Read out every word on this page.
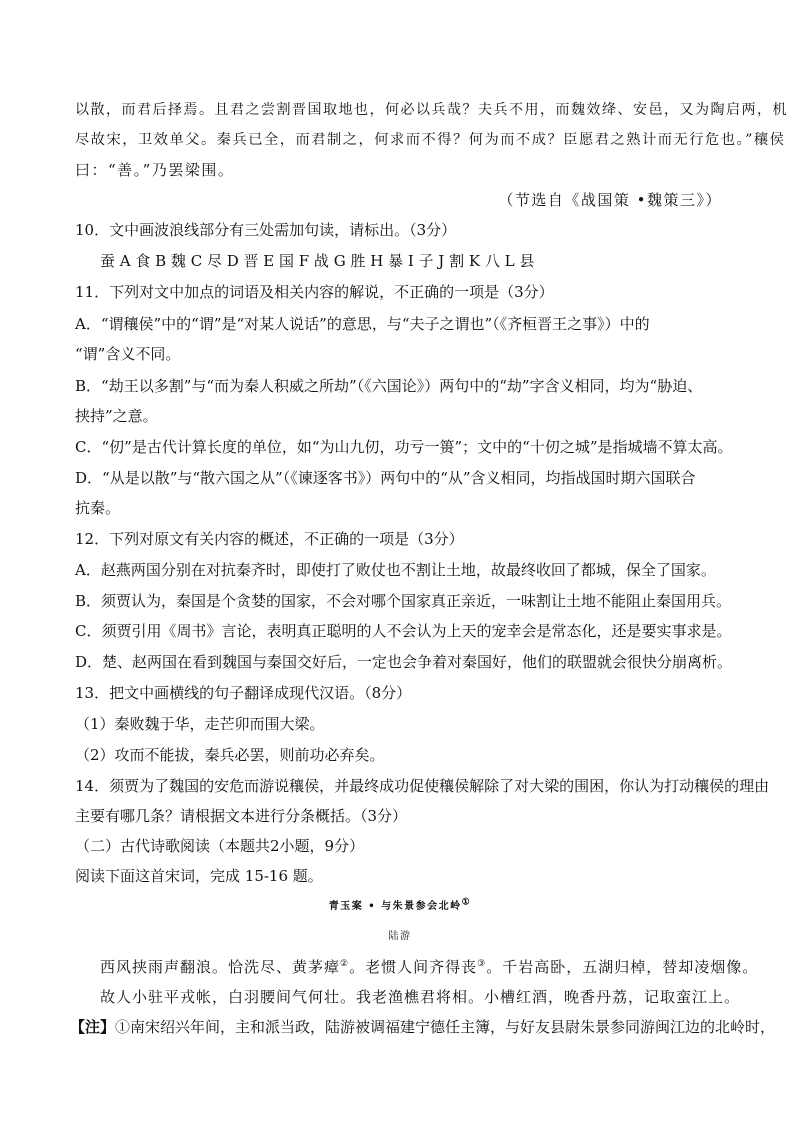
以散，而君后择焉。且君之尝割晋国取地也，何必以兵哉？夫兵不用，而魏效绛、安邑，又为陶启两，机
尽故宋，卫效单父。秦兵已全，而君制之，何求而不得？何为而不成？臣愿君之熟计而无行危也。”穰侯
曰：“善。”乃罢梁围。
（节选自《战国策 •魏策三》）
10．文中画波浪线部分有三处需加句读，请标出。（3分）
蚕 A 食 B 魏 C 尽 D 晋 E 国 F 战 G 胜 H 暴 I 子 J 割 K 八 L 县
11．下列对文中加点的词语及相关内容的解说，不正确的一项是（3分）
A．“谓穰侯”中的“谓”是“对某人说话”的意思，与“夫子之谓也”（《齐桓晋王之事》）中的
“谓”含义不同。
B．“劫王以多割”与“而为秦人积威之所劫”（《六国论》）两句中的“劫”字含义相同，均为“胁迫、
挟持”之意。
C．“仞”是古代计算长度的单位，如“为山九仞，功亏一篑”；文中的“十仞之城”是指城墙不算太高。
D．“从是以散”与“散六国之从”（《谏逐客书》）两句中的“从”含义相同，均指战国时期六国联合
抗秦。
12．下列对原文有关内容的概述，不正确的一项是（3分）
A．赵燕两国分别在对抗秦齐时，即使打了败仗也不割让土地，故最终收回了都城，保全了国家。
B．须贾认为，秦国是个贪婪的国家，不会对哪个国家真正亲近，一味割让土地不能阻止秦国用兵。
C．须贾引用《周书》言论，表明真正聪明的人不会认为上天的宠幸会是常态化，还是要实事求是。
D．楚、赵两国在看到魏国与秦国交好后，一定也会争着对秦国好，他们的联盟就会很快分崩离析。
13．把文中画横线的句子翻译成现代汉语。（8分）
（1）秦败魏于华，走芒卯而围大梁。
（2）攻而不能拔，秦兵必罢，则前功必弃矣。
14．须贾为了魏国的安危而游说穰侯，并最终成功促使穰侯解除了对大梁的围困，你认为打动穰侯的理由
主要有哪几条？请根据文本进行分条概括。（3分）
（二）古代诗歌阅读（本题共2小题，9分）
阅读下面这首宋词，完成 15-16 题。
青玉案 • 与朱景参会北岭①
陆游
西风挟雨声翻浪。恰洗尽、黄茅瘴②。老惯人间齐得丧③。千岩高卧，五湖归棹，替却凌烟像。
故人小驻平戎帐，白羽腰间气何壮。我老渔樵君将相。小槽红酒，晚香丹荔，记取蛮江上。
【注】①南宋绍兴年间，主和派当政，陆游被调福建宁德任主簿，与好友县尉朱景参同游闽江边的北岭时，
